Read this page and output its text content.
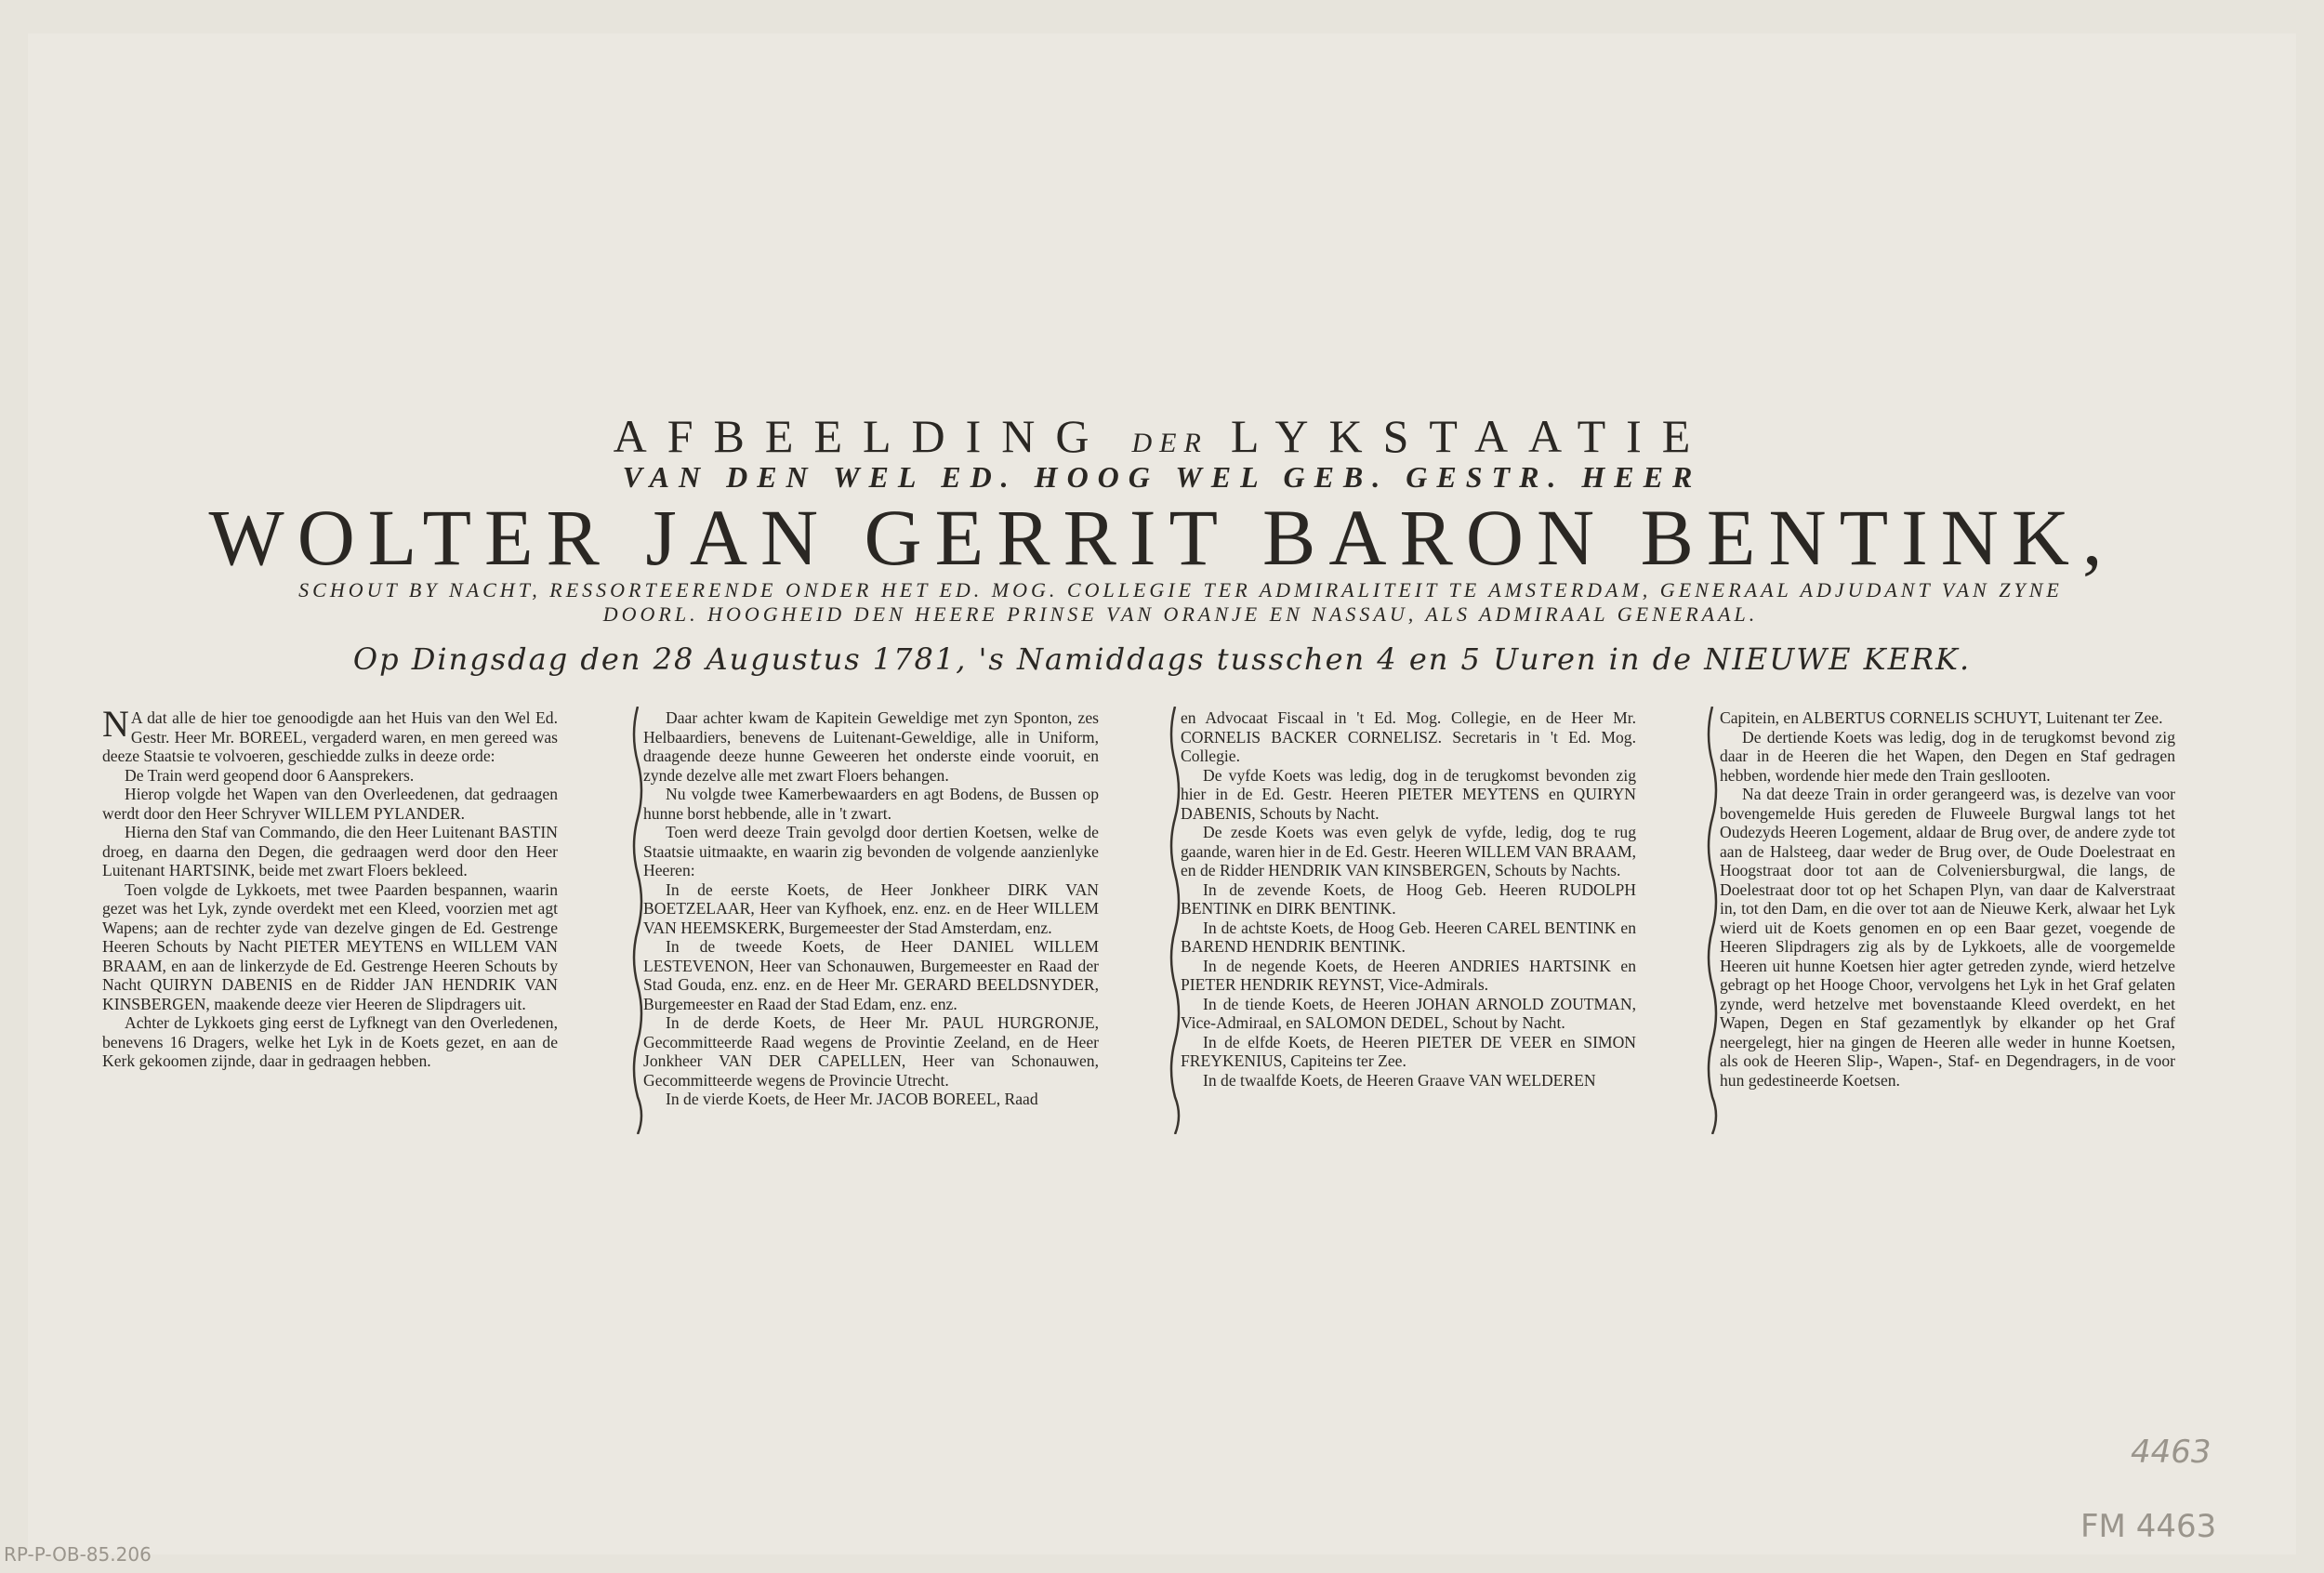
AFBEELDING DER LYKSTAATIE
VAN DEN WEL ED. HOOG WEL GEB. GESTR. HEER
WOLTER JAN GERRIT BARON BENTINK,
SCHOUT BY NACHT, RESSORTEERENDE ONDER HET ED. MOG. COLLEGIE TER ADMIRALITEIT TE AMSTERDAM, GENERAAL ADJUDANT VAN ZYNE
DOORL. HOOGHEID DEN HEERE PRINSE VAN ORANJE EN NASSAU, ALS ADMIRAAL GENERAAL.
Op Dingsdag den 28 Augustus 1781, 's Namiddags tusschen 4 en 5 Uuren in de NIEUWE KERK.

N A dat alle de hier toe genoodigde aan het Huis van den Wel Ed. Gestr. Heer Mr. BOREEL, vergaderd waren, en men gereed was deeze Staatsie te volvoeren, geschiedde zulks in deeze orde:

De Train werd geopend door 6 Aansprekers.

Hierop volgde het Wapen van den Overleedenen, dat gedraagen werdt door den Heer Schryver WILLEM PYLANDER.

Hierna den Staf van Commando, die den Heer Luitenant BASTIN droeg, en daarna den Degen, die gedraagen werd door den Heer Luitenant HARTSINK, beide met zwart Floers bekleed.

Toen volgde de Lykkoets, met twee Paarden bespannen, waarin gezet was het Lyk, zynde overdekt met een Kleed, voorzien met agt Wapens; aan de rechter zyde van dezelve gingen de Ed. Gestrenge Heeren Schouts by Nacht PIETER MEYTENS en WILLEM VAN BRAAM, en aan de linkerzyde de Ed. Gestrenge Heeren Schouts by Nacht QUIRYN DABENIS en de Ridder JAN HENDRIK VAN KINSBERGEN, maakende deeze vier Heeren de Slipdragers uit.

Achter de Lykkoets ging eerst de Lyfknegt van den Overledenen, benevens 16 Dragers, welke het Lyk in de Koets gezet, en aan de Kerk gekoomen zijnde, daar in gedraagen hebben.

Daar achter kwam de Kapitein Geweldige met zyn Sponton, zes Helbaardiers, benevens de Luitenant-Geweldige, alle in Uniform, draagende deeze hunne Geweeren het onderste einde vooruit, en zynde dezelve alle met zwart Floers behangen.

Nu volgde twee Kamerbewaarders en agt Bodens, de Bussen op hunne borst hebbende, alle in 't zwart.

Toen werd deeze Train gevolgd door dertien Koetsen, welke de Staatsie uitmaakte, en waarin zig bevonden de volgende aanzienlyke Heeren:

In de eerste Koets, de Heer Jonkheer DIRK VAN BOETZELAAR, Heer van Kyfhoek, enz. enz. en de Heer WILLEM VAN HEEMSKERK, Burgemeester der Stad Amsterdam, enz.

In de tweede Koets, de Heer DANIEL WILLEM LESTEVENON, Heer van Schonauwen, Burgemeester en Raad der Stad Gouda, enz. enz. en de Heer Mr. GERARD BEELDSNYDER, Burgemeester en Raad der Stad Edam, enz. enz.

In de derde Koets, de Heer Mr. PAUL HURGRONJE, Gecommitteerde Raad wegens de Provintie Zeeland, en de Heer Jonkheer VAN DER CAPELLEN, Heer van Schonauwen, Gecommitteerde wegens de Provincie Utrecht.

In de vierde Koets, de Heer Mr. JACOB BOREEL, Raad

en Advocaat Fiscaal in 't Ed. Mog. Collegie, en de Heer Mr. CORNELIS BACKER CORNELISZ. Secretaris in 't Ed. Mog. Collegie.

De vyfde Koets was ledig, dog in de terugkomst bevonden zig hier in de Ed. Gestr. Heeren PIETER MEYTENS en QUIRYN DABENIS, Schouts by Nacht.

De zesde Koets was even gelyk de vyfde, ledig, dog te rug gaande, waren hier in de Ed. Gestr. Heeren WILLEM VAN BRAAM, en de Ridder HENDRIK VAN KINSBERGEN, Schouts by Nachts.

In de zevende Koets, de Hoog Geb. Heeren RUDOLPH BENTINK en DIRK BENTINK.

In de achtste Koets, de Hoog Geb. Heeren CAREL BENTINK en BAREND HENDRIK BENTINK.

In de negende Koets, de Heeren ANDRIES HARTSINK en PIETER HENDRIK REYNST, Vice-Admirals.

In de tiende Koets, de Heeren JOHAN ARNOLD ZOUTMAN, Vice-Admiraal, en SALOMON DEDEL, Schout by Nacht.

In de elfde Koets, de Heeren PIETER DE VEER en SIMON FREYKENIUS, Capiteins ter Zee.

In de twaalfde Koets, de Heeren Graave VAN WELDEREN

Capitein, en ALBERTUS CORNELIS SCHUYT, Luitenant ter Zee.

De dertiende Koets was ledig, dog in de terugkomst bevond zig daar in de Heeren die het Wapen, den Degen en Staf gedragen hebben, wordende hier mede den Train gesllooten.

Na dat deeze Train in order gerangeerd was, is dezelve van voor bovengemelde Huis gereden de Fluweele Burgwal langs tot het Oudezyds Heeren Logement, aldaar de Brug over, de andere zyde tot aan de Halsteeg, daar weder de Brug over, de Oude Doelestraat en Hoogstraat door tot aan de Colveniersburgwal, die langs, de Doelestraat door tot op het Schapen Plyn, van daar de Kalverstraat in, tot den Dam, en die over tot aan de Nieuwe Kerk, alwaar het Lyk wierd uit de Koets genomen en op een Baar gezet, voegende de Heeren Slipdragers zig als by de Lykkoets, alle de voorgemelde Heeren uit hunne Koetsen hier agter getreden zynde, wierd hetzelve gebragt op het Hooge Choor, vervolgens het Lyk in het Graf gelaten zynde, werd hetzelve met bovenstaande Kleed overdekt, en het Wapen, Degen en Staf gezamentlyk by elkander op het Graf neergelegt, hier na gingen de Heeren alle weder in hunne Koetsen, als ook de Heeren Slip-, Wapen-, Staf- en Degendragers, in de voor hun gedestineerde Koetsen.

4463
FM 4463
RP-P-OB-85.206
